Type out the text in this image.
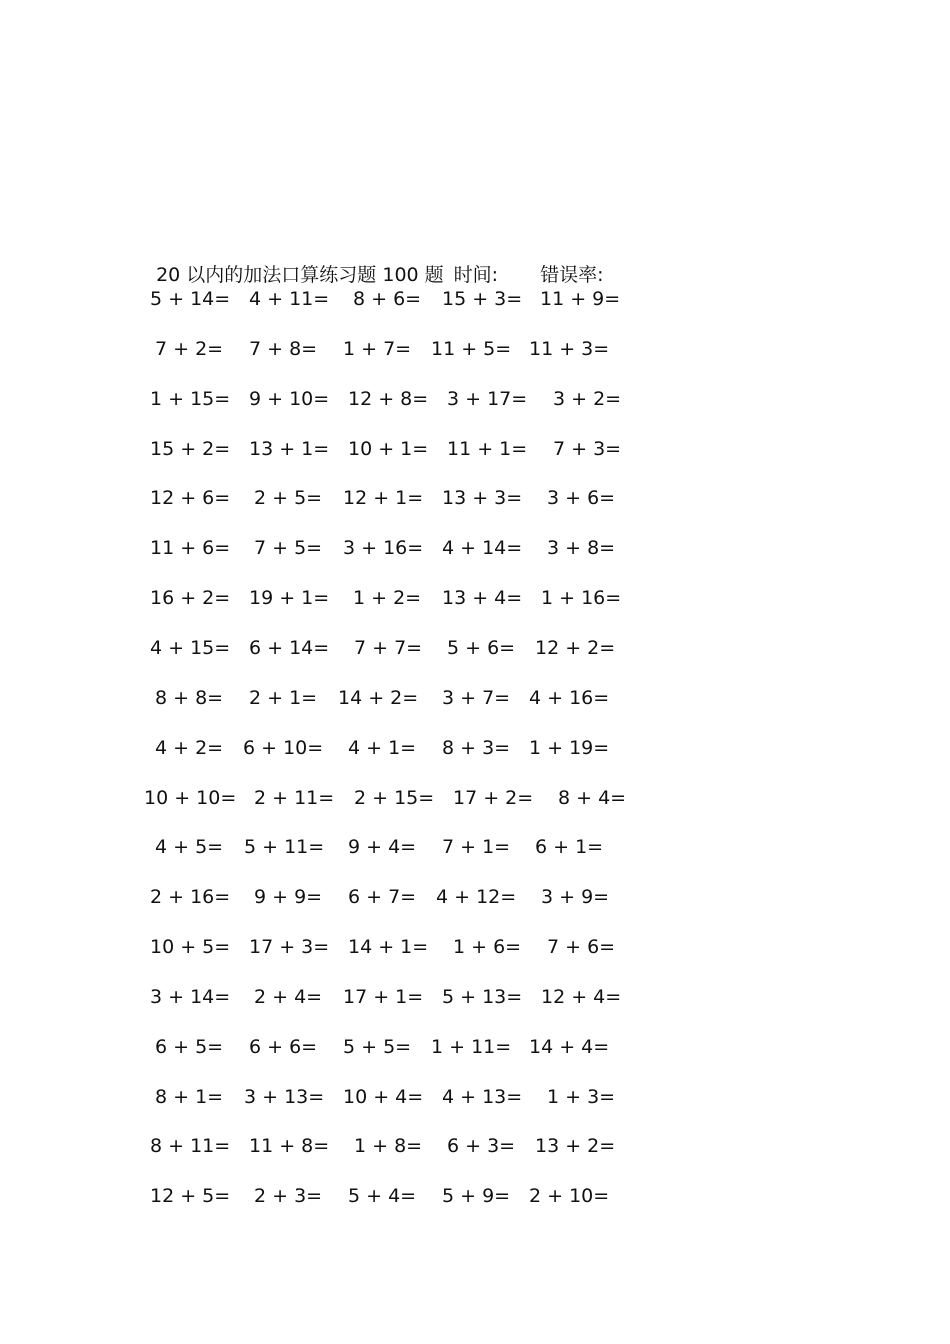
20 以内的加法口算练习题 100 题 时间: 错误率:

5 + 14= 4 + 11= 8 + 6= 15 + 3= 11 + 9=
7 + 2= 7 + 8= 1 + 7= 11 + 5= 11 + 3=
1 + 15= 9 + 10= 12 + 8= 3 + 17= 3 + 2=
15 + 2= 13 + 1= 10 + 1= 11 + 1= 7 + 3=
12 + 6= 2 + 5= 12 + 1= 13 + 3= 3 + 6=
11 + 6= 7 + 5= 3 + 16= 4 + 14= 3 + 8=
16 + 2= 19 + 1= 1 + 2= 13 + 4= 1 + 16=
4 + 15= 6 + 14= 7 + 7= 5 + 6= 12 + 2=
8 + 8= 2 + 1= 14 + 2= 3 + 7= 4 + 16=
4 + 2= 6 + 10= 4 + 1= 8 + 3= 1 + 19=
10 + 10= 2 + 11= 2 + 15= 17 + 2= 8 + 4=
4 + 5= 5 + 11= 9 + 4= 7 + 1= 6 + 1=
2 + 16= 9 + 9= 6 + 7= 4 + 12= 3 + 9=
10 + 5= 17 + 3= 14 + 1= 1 + 6= 7 + 6=
3 + 14= 2 + 4= 17 + 1= 5 + 13= 12 + 4=
6 + 5= 6 + 6= 5 + 5= 1 + 11= 14 + 4=
8 + 1= 3 + 13= 10 + 4= 4 + 13= 1 + 3=
8 + 11= 11 + 8= 1 + 8= 6 + 3= 13 + 2=
12 + 5= 2 + 3= 5 + 4= 5 + 9= 2 + 10=
